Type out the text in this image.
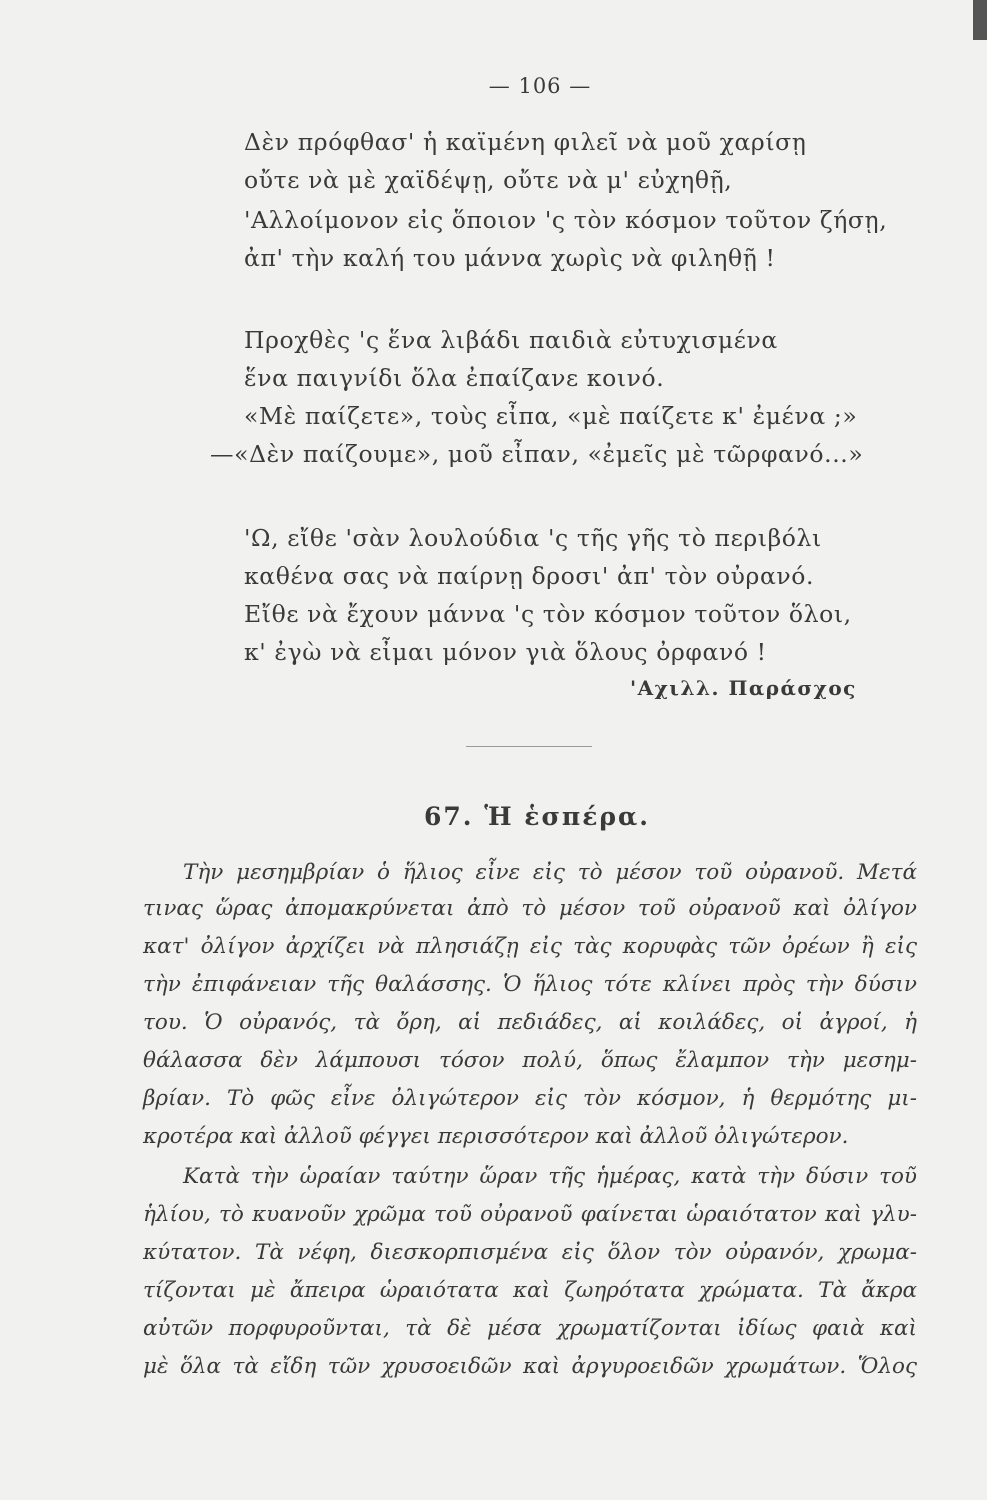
— 106 —
Δὲν πρόφθασ' ἡ καϊμένη φιλεῖ νὰ μοῦ χαρίσῃ
οὔτε νὰ μὲ χαϊδέψῃ, οὔτε νὰ μ' εὐχηθῇ,
'Αλλοίμονον εἰς ὅποιον 'ς τὸν κόσμον τοῦτον ζήσῃ,
ἀπ' τὴν καλή του μάννα χωρὶς νὰ φιληθῇ !
Προχθὲς 'ς ἕνα λιβάδι παιδιὰ εὐτυχισμένα
ἕνα παιγνίδι ὅλα ἐπαίζανε κοινό.
«Μὲ παίζετε», τοὺς εἶπα, «μὲ παίζετε κ' ἐμένα ;»
—«Δὲν παίζουμε», μοῦ εἶπαν, «ἐμεῖς μὲ τῶρφανό...»
'Ω, εἴθε 'σὰν λουλούδια 'ς τῆς γῆς τὸ περιβόλι
καθένα σας νὰ παίρνῃ δροσι' ἀπ' τὸν οὐρανό.
Εἴθε νὰ ἔχουν μάννα 'ς τὸν κόσμον τοῦτον ὅλοι,
κ' ἐγὼ νὰ εἶμαι μόνον γιὰ ὅλους ὀρφανό !
'Αχιλλ. Παράσχος
67. Ἡ ἑσπέρα.
Τὴν μεσημβρίαν ὁ ἥλιος εἶνε εἰς τὸ μέσον τοῦ οὐρανοῦ. Μετά
τινας ὥρας ἀπομακρύνεται ἀπὸ τὸ μέσον τοῦ οὐρανοῦ καὶ ὀλίγον
κατ' ὀλίγον ἀρχίζει νὰ πλησιάζῃ εἰς τὰς κορυφὰς τῶν ὀρέων ἢ εἰς
τὴν ἐπιφάνειαν τῆς θαλάσσης. Ὁ ἥλιος τότε κλίνει πρὸς τὴν δύσιν
του. Ὁ οὐρανός, τὰ ὄρη, αἱ πεδιάδες, αἱ κοιλάδες, οἱ ἀγροί, ἡ
θάλασσα δὲν λάμπουσι τόσον πολύ, ὅπως ἔλαμπον τὴν μεσημ-
βρίαν. Τὸ φῶς εἶνε ὀλιγώτερον εἰς τὸν κόσμον, ἡ θερμότης μι-
κροτέρα καὶ ἀλλοῦ φέγγει περισσότερον καὶ ἀλλοῦ ὀλιγώτερον.
Κατὰ τὴν ὡραίαν ταύτην ὥραν τῆς ἡμέρας, κατὰ τὴν δύσιν τοῦ
ἡλίου, τὸ κυανοῦν χρῶμα τοῦ οὐρανοῦ φαίνεται ὡραιότατον καὶ γλυ-
κύτατον. Τὰ νέφη, διεσκορπισμένα εἰς ὅλον τὸν οὐρανόν, χρωμα-
τίζονται μὲ ἄπειρα ὡραιότατα καὶ ζωηρότατα χρώματα. Τὰ ἄκρα
αὐτῶν πορφυροῦνται, τὰ δὲ μέσα χρωματίζονται ἰδίως φαιὰ καὶ
μὲ ὅλα τὰ εἴδη τῶν χρυσοειδῶν καὶ ἀργυροειδῶν χρωμάτων. Ὅλος
